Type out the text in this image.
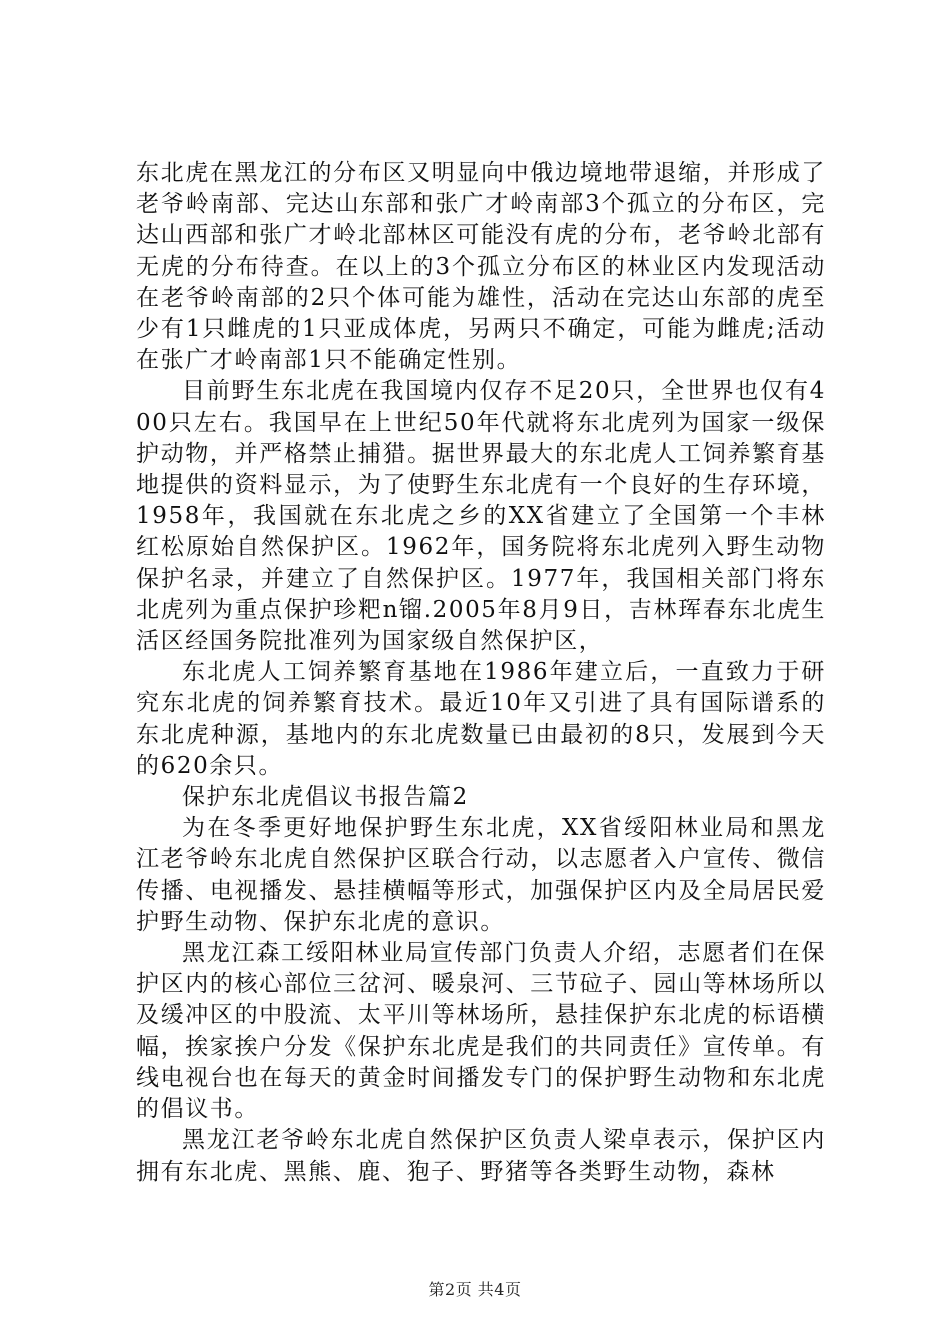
东北虎在黑龙江的分布区又明显向中俄边境地带退缩，并形成了老爷岭南部、完达山东部和张广才岭南部3个孤立的分布区，完达山西部和张广才岭北部林区可能没有虎的分布，老爷岭北部有无虎的分布待查。在以上的3个孤立分布区的林业区内发现活动在老爷岭南部的2只个体可能为雄性，活动在完达山东部的虎至少有1只雌虎的1只亚成体虎，另两只不确定，可能为雌虎;活动在张广才岭南部1只不能确定性别。

目前野生东北虎在我国境内仅存不足20只，全世界也仅有400只左右。我国早在上世纪50年代就将东北虎列为国家一级保护动物，并严格禁止捕猎。据世界最大的东北虎人工饲养繁育基地提供的资料显示，为了使野生东北虎有一个良好的生存环境，1958年，我国就在东北虎之乡的XX省建立了全国第一个丰林红松原始自然保护区。1962年，国务院将东北虎列入野生动物保护名录，并建立了自然保护区。1977年，我国相关部门将东北虎列为重点保护珍粑n镏.2005年8月9日，吉林珲春东北虎生活区经国务院批准列为国家级自然保护区，

东北虎人工饲养繁育基地在1986年建立后，一直致力于研究东北虎的饲养繁育技术。最近10年又引进了具有国际谱系的东北虎种源，基地内的东北虎数量已由最初的8只，发展到今天的620余只。

保护东北虎倡议书报告篇2

为在冬季更好地保护野生东北虎，XX省绥阳林业局和黑龙江老爷岭东北虎自然保护区联合行动，以志愿者入户宣传、微信传播、电视播发、悬挂横幅等形式，加强保护区内及全局居民爱护野生动物、保护东北虎的意识。

黑龙江森工绥阳林业局宣传部门负责人介绍，志愿者们在保护区内的核心部位三岔河、暖泉河、三节砬子、园山等林场所以及缓冲区的中股流、太平川等林场所，悬挂保护东北虎的标语横幅，挨家挨户分发《保护东北虎是我们的共同责任》宣传单。有线电视台也在每天的黄金时间播发专门的保护野生动物和东北虎的倡议书。

黑龙江老爷岭东北虎自然保护区负责人梁卓表示，保护区内拥有东北虎、黑熊、鹿、狍子、野猪等各类野生动物，森林

第2页 共4页
